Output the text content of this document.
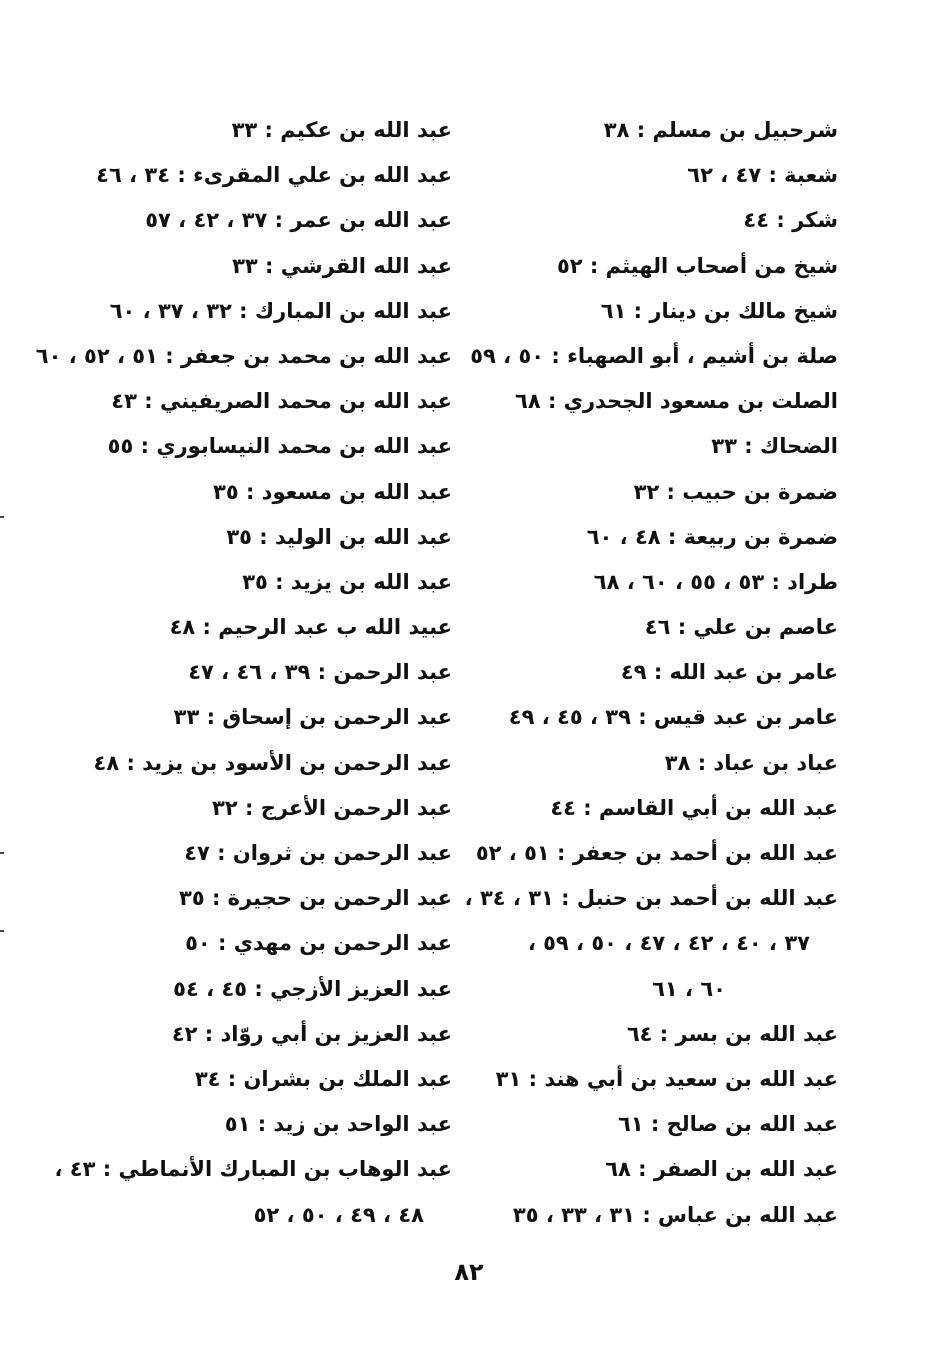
شرحبيل بن مسلم : ٣٨
شعبة : ٤٧ ، ٦٢
شكر : ٤٤
شيخ من أصحاب الهيثم : ٥٢
شيخ مالك بن دينار : ٦١
صلة بن أشيم ، أبو الصهباء : ٥٠ ، ٥٩
الصلت بن مسعود الجحدري : ٦٨
الضحاك : ٣٣
ضمرة بن حبيب : ٣٢
ضمرة بن ربيعة : ٤٨ ، ٦٠
طراد : ٥٣ ، ٥٥ ، ٦٠ ، ٦٨
عاصم بن علي : ٤٦
عامر بن عبد الله : ٤٩
عامر بن عبد قيس : ٣٩ ، ٤٥ ، ٤٩
عباد بن عباد : ٣٨
عبد الله بن أبي القاسم : ٤٤
عبد الله بن أحمد بن جعفر : ٥١ ، ٥٢
عبد الله بن أحمد بن حنبل : ٣١ ، ٣٤ ،
٣٧ ، ٤٠ ، ٤٢ ، ٤٧ ، ٥٠ ، ٥٩ ،
٦٠ ، ٦١
عبد الله بن بسر : ٦٤
عبد الله بن سعيد بن أبي هند : ٣١
عبد الله بن صالح : ٦١
عبد الله بن الصفر : ٦٨
عبد الله بن عباس : ٣١ ، ٣٣ ، ٣٥
عبد الله بن عكيم : ٣٣
عبد الله بن علي المقرىء : ٣٤ ، ٤٦
عبد الله بن عمر : ٣٧ ، ٤٢ ، ٥٧
عبد الله القرشي : ٣٣
عبد الله بن المبارك : ٣٢ ، ٣٧ ، ٦٠
عبد الله بن محمد بن جعفر : ٥١ ، ٥٢ ، ٦٠
عبد الله بن محمد الصريفيني : ٤٣
عبد الله بن محمد النيسابوري : ٥٥
عبد الله بن مسعود : ٣٥
عبد الله بن الوليد : ٣٥
عبد الله بن يزيد : ٣٥
عبيد الله ب عبد الرحيم : ٤٨
عبد الرحمن : ٣٩ ، ٤٦ ، ٤٧
عبد الرحمن بن إسحاق : ٣٣
عبد الرحمن بن الأسود بن يزيد : ٤٨
عبد الرحمن الأعرج : ٣٢
عبد الرحمن بن ثروان : ٤٧
عبد الرحمن بن حجيرة : ٣٥
عبد الرحمن بن مهدي : ٥٠
عبد العزيز الأزجي : ٤٥ ، ٥٤
عبد العزيز بن أبي روّاد : ٤٢
عبد الملك بن بشران : ٣٤
عبد الواحد بن زيد : ٥١
عبد الوهاب بن المبارك الأنماطي : ٤٣ ،
٤٨ ، ٤٩ ، ٥٠ ، ٥٢
٨٢
